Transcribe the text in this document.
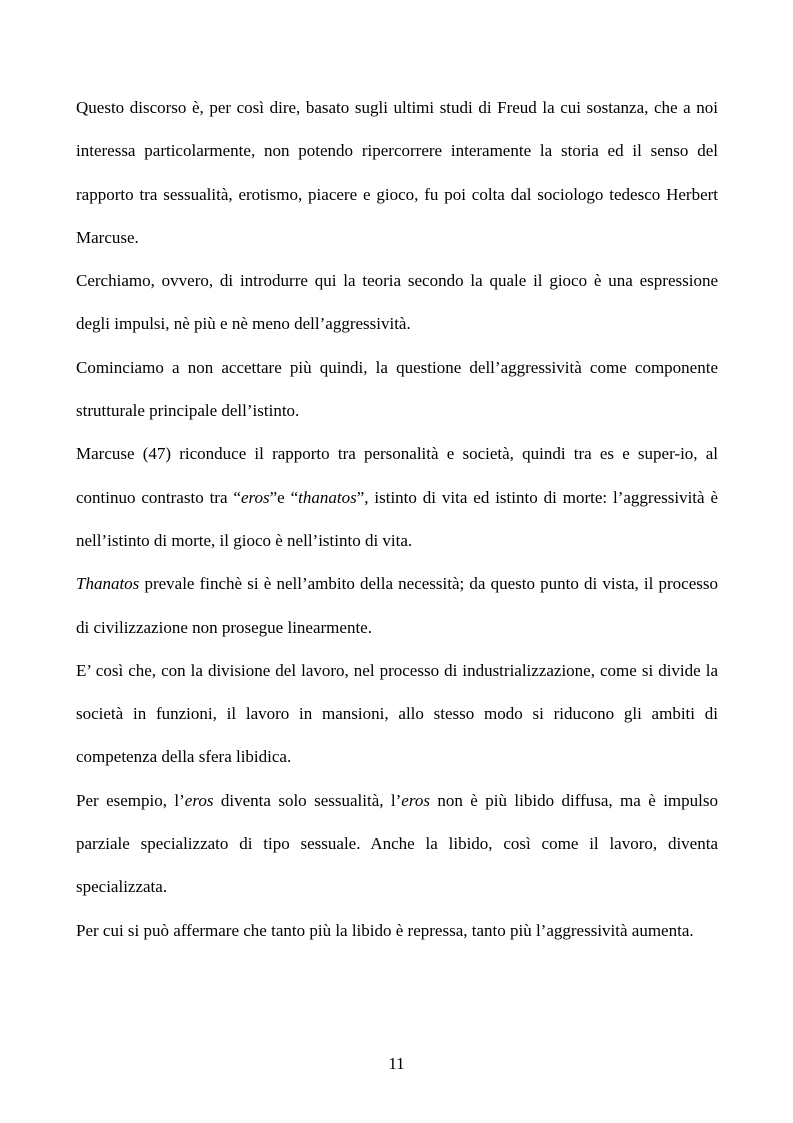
Questo discorso è, per così dire, basato sugli ultimi studi di Freud la cui sostanza, che a noi interessa particolarmente, non potendo ripercorrere interamente la storia ed il senso del rapporto tra sessualità, erotismo, piacere e gioco, fu poi colta dal sociologo tedesco Herbert Marcuse.

Cerchiamo, ovvero, di introdurre qui la teoria secondo la quale il gioco è una espressione degli impulsi, nè più e nè meno dell’aggressività.

Cominciamo a non accettare più quindi, la questione dell’aggressività come componente strutturale principale dell’istinto.

Marcuse (47) riconduce il rapporto tra personalità e società, quindi tra es e super-io, al continuo contrasto tra “eros”e “thanatos”, istinto di vita ed istinto di morte: l’aggressività è nell’istinto di morte, il gioco è nell’istinto di vita.

Thanatos prevale finchè si è nell’ambito della necessità; da questo punto di vista, il processo di civilizzazione non prosegue linearmente.

E’ così che, con la divisione del lavoro, nel processo di industrializzazione, come si divide la società in funzioni, il lavoro in mansioni, allo stesso modo si riducono gli ambiti di competenza della sfera libidica.

Per esempio, l’eros diventa solo sessualità, l’eros non è più libido diffusa, ma è impulso parziale specializzato di tipo sessuale. Anche la libido, così come il lavoro, diventa specializzata.

Per cui si può affermare che tanto più la libido è repressa, tanto più l’aggressività aumenta.

11
